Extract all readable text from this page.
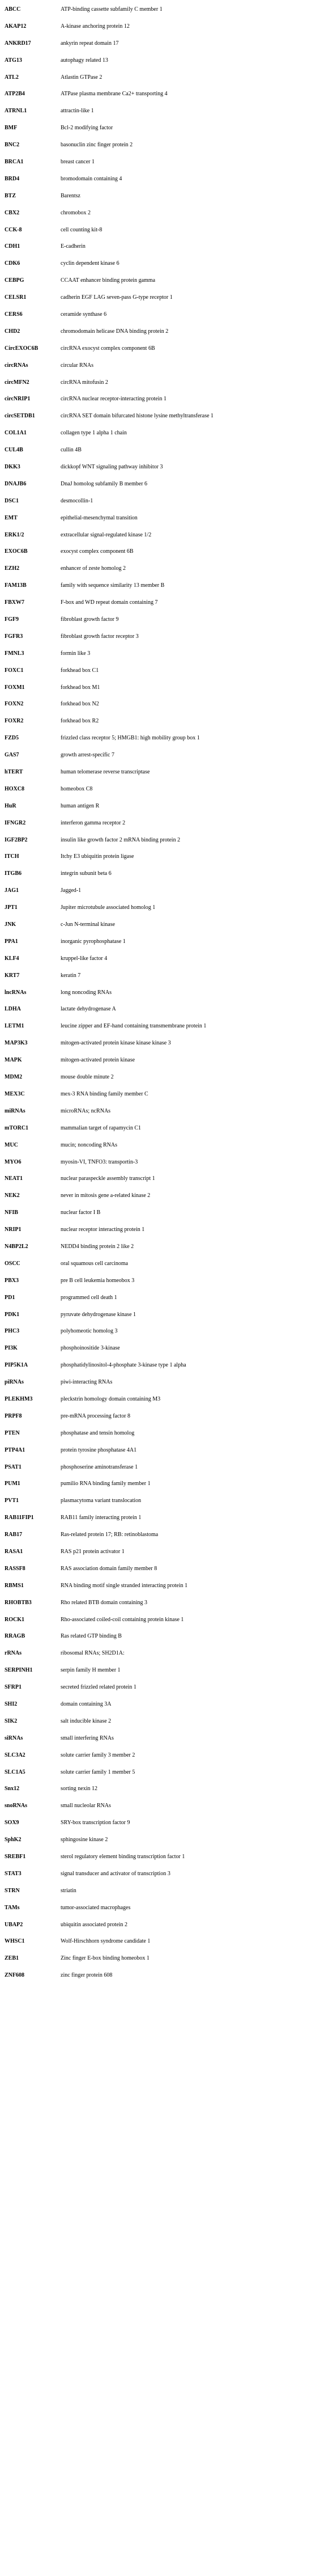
ABCC	ATP-binding cassette subfamily C member 1
AKAP12	A-kinase anchoring protein 12
ANKRD17	ankyrin repeat domain 17
ATG13	autophagy related 13
ATL2	Atlastin GTPase 2
ATP2B4	ATPase plasma membrane Ca2+ transporting 4
ATRNL1	attractin-like 1
BMF	Bcl-2 modifying factor
BNC2	basonuclin zinc finger protein 2
BRCA1	breast cancer 1
BRD4	bromodomain containing 4
BTZ	Barentsz
CBX2	chromobox 2
CCK-8	cell counting kit-8
CDH1	E-cadherin
CDK6	cyclin dependent kinase 6
CEBPG	CCAAT enhancer binding protein gamma
CELSR1	cadherin EGF LAG seven-pass G-type receptor 1
CERS6	ceramide synthase 6
CHD2	chromodomain helicase DNA binding protein 2
CircEXOC6B	circRNA exocyst complex component 6B
circRNAs	circular RNAs
circMFN2	circRNA mitofusin 2
circNRIP1	circRNA nuclear receptor-interacting protein 1
circSETDB1	circRNA SET domain bifurcated histone lysine methyltransferase 1
COL1A1	collagen type 1 alpha 1 chain
CUL4B	cullin 4B
DKK3	dickkopf WNT signaling pathway inhibitor 3
DNAJB6	DnaJ homolog subfamily B member 6
DSC1	desmocollin-1
EMT	epithelial-mesenchymal transition
ERK1/2	extracellular signal-regulated kinase 1/2
EXOC6B	exocyst complex component 6B
EZH2	enhancer of zeste homolog 2
FAM13B	family with sequence similarity 13 member B
FBXW7	F-box and WD repeat domain containing 7
FGF9	fibroblast growth factor 9
FGFR3	fibroblast growth factor receptor 3
FMNL3	formin like 3
FOXC1	forkhead box C1
FOXM1	forkhead box M1
FOXN2	forkhead box N2
FOXR2	forkhead box R2
FZD5	frizzled class receptor 5; HMGB1: high mobility group box 1
GAS7	growth arrest-specific 7
hTERT	human telomerase reverse transcriptase
HOXC8	homeobox C8
HuR	human antigen R
IFNGR2	interferon gamma receptor 2
IGF2BP2	insulin like growth factor 2 mRNA binding protein 2
ITCH	Itchy E3 ubiquitin protein ligase
ITGB6	integrin subunit beta 6
JAG1	Jagged-1
JPT1	Jupiter microtubule associated homolog 1
JNK	c-Jun N-terminal kinase
PPA1	inorganic pyrophosphatase 1
KLF4	kruppel-like factor 4
KRT7	keratin 7
lncRNAs	long noncoding RNAs
LDHA	lactate dehydrogenase A
LETM1	leucine zipper and EF-hand containing transmembrane protein 1
MAP3K3	mitogen-activated protein kinase kinase kinase 3
MAPK	mitogen-activated protein kinase
MDM2	mouse double minute 2
MEX3C	mex-3 RNA binding family member C
miRNAs	microRNAs; ncRNAs
mTORC1	mammalian target of rapamycin C1
MUC	mucin; noncoding RNAs
MYO6	myosin-VI, TNFO3: transportin-3
NEAT1	nuclear paraspeckle assembly transcript 1
NEK2	never in mitosis gene a-related kinase 2
NFIB	nuclear factor I B
NRIP1	nuclear receptor interacting protein 1
N4BP2L2	NEDD4 binding protein 2 like 2
OSCC	oral squamous cell carcinoma
PBX3	pre B cell leukemia homeobox 3
PD1	programmed cell death 1
PDK1	pyruvate dehydrogenase kinase 1
PHC3	polyhomeotic homolog 3
PI3K	phosphoinositide 3-kinase
PIP5K1A	phosphatidylinositol-4-phosphate 3-kinase type 1 alpha
piRNAs	piwi-interacting RNAs
PLEKHM3	pleckstrin homology domain containing M3
PRPF8	pre-mRNA processing factor 8
PTEN	phosphatase and tensin homolog
PTP4A1	protein tyrosine phosphatase 4A1
PSAT1	phosphoserine aminotransferase 1
PUM1	pumilio RNA binding family member 1
PVT1	plasmacytoma variant translocation
RAB11FIP1	RAB11 family interacting protein 1
RAB17	Ras-related protein 17; RB: retinoblastoma
RASA1	RAS p21 protein activator 1
RASSF8	RAS association domain family member 8
RBMS1	RNA binding motif single stranded interacting protein 1
RHOBTB3	Rho related BTB domain containing 3
ROCK1	Rho-associated coiled-coil containing protein kinase 1
RRAGB	Ras related GTP binding B
rRNAs	ribosomal RNAs; SH2D1A:
SERPINH1	serpin family H member 1
SFRP1	secreted frizzled related protein 1
SHI2	domain containing 3A
SIK2	salt inducible kinase 2
siRNAs	small interfering RNAs
SLC3A2	solute carrier family 3 member 2
SLC1A5	solute carrier family 1 member 5
Snx12	sorting nexin 12
snoRNAs	small nucleolar RNAs
SOX9	SRY-box transcription factor 9
SphK2	sphingosine kinase 2
SREBF1	sterol regulatory element binding transcription factor 1
STAT3	signal transducer and activator of transcription 3
STRN	striatin
TAMs	tumor-associated macrophages
UBAP2	ubiquitin associated protein 2
WHSC1	Wolf-Hirschhorn syndrome candidate 1
ZEB1	Zinc finger E-box binding homeobox 1
ZNF608	zinc finger protein 608
